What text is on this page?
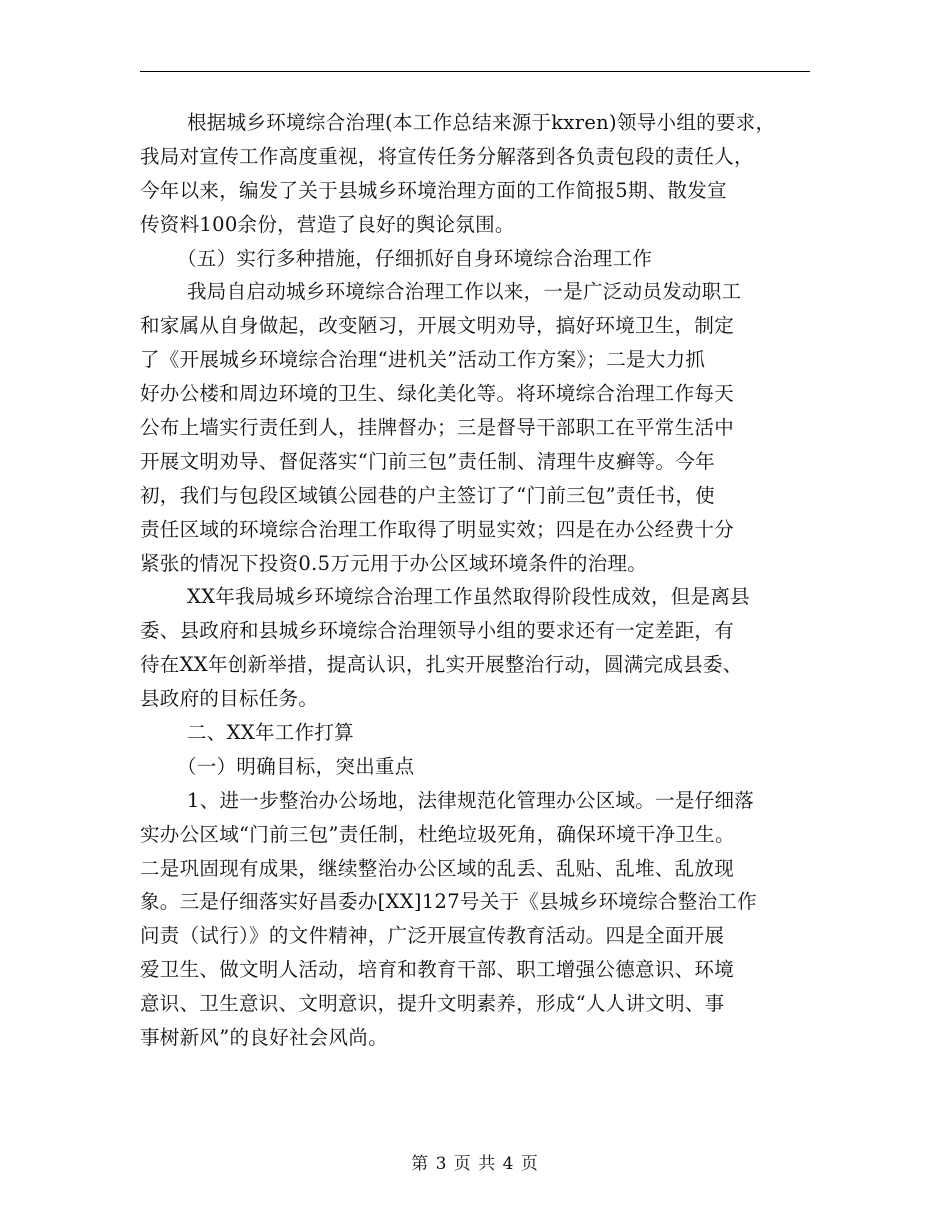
根据城乡环境综合治理(本工作总结来源于kxren)领导小组的要求，
我局对宣传工作高度重视，将宣传任务分解落到各负责包段的责任人，
今年以来，编发了关于县城乡环境治理方面的工作简报5期、散发宣
传资料100余份，营造了良好的舆论氛围。
（五）实行多种措施，仔细抓好自身环境综合治理工作
我局自启动城乡环境综合治理工作以来，一是广泛动员发动职工
和家属从自身做起，改变陋习，开展文明劝导，搞好环境卫生，制定
了《开展城乡环境综合治理“进机关”活动工作方案》；二是大力抓
好办公楼和周边环境的卫生、绿化美化等。将环境综合治理工作每天
公布上墙实行责任到人，挂牌督办；三是督导干部职工在平常生活中
开展文明劝导、督促落实“门前三包”责任制、清理牛皮癣等。今年
初，我们与包段区域镇公园巷的户主签订了“门前三包”责任书，使
责任区域的环境综合治理工作取得了明显实效；四是在办公经费十分
紧张的情况下投资0.5万元用于办公区域环境条件的治理。
XX年我局城乡环境综合治理工作虽然取得阶段性成效，但是离县
委、县政府和县城乡环境综合治理领导小组的要求还有一定差距，有
待在XX年创新举措，提高认识，扎实开展整治行动，圆满完成县委、
县政府的目标任务。
二、XX年工作打算
（一）明确目标，突出重点
1、进一步整治办公场地，法律规范化管理办公区域。一是仔细落
实办公区域“门前三包”责任制，杜绝垃圾死角，确保环境干净卫生。
二是巩固现有成果，继续整治办公区域的乱丢、乱贴、乱堆、乱放现
象。三是仔细落实好昌委办[XX]127号关于《县城乡环境综合整治工作
问责（试行）》的文件精神，广泛开展宣传教育活动。四是全面开展
爱卫生、做文明人活动，培育和教育干部、职工增强公德意识、环境
意识、卫生意识、文明意识，提升文明素养，形成“人人讲文明、事
事树新风”的良好社会风尚。
第 3 页 共 4 页
